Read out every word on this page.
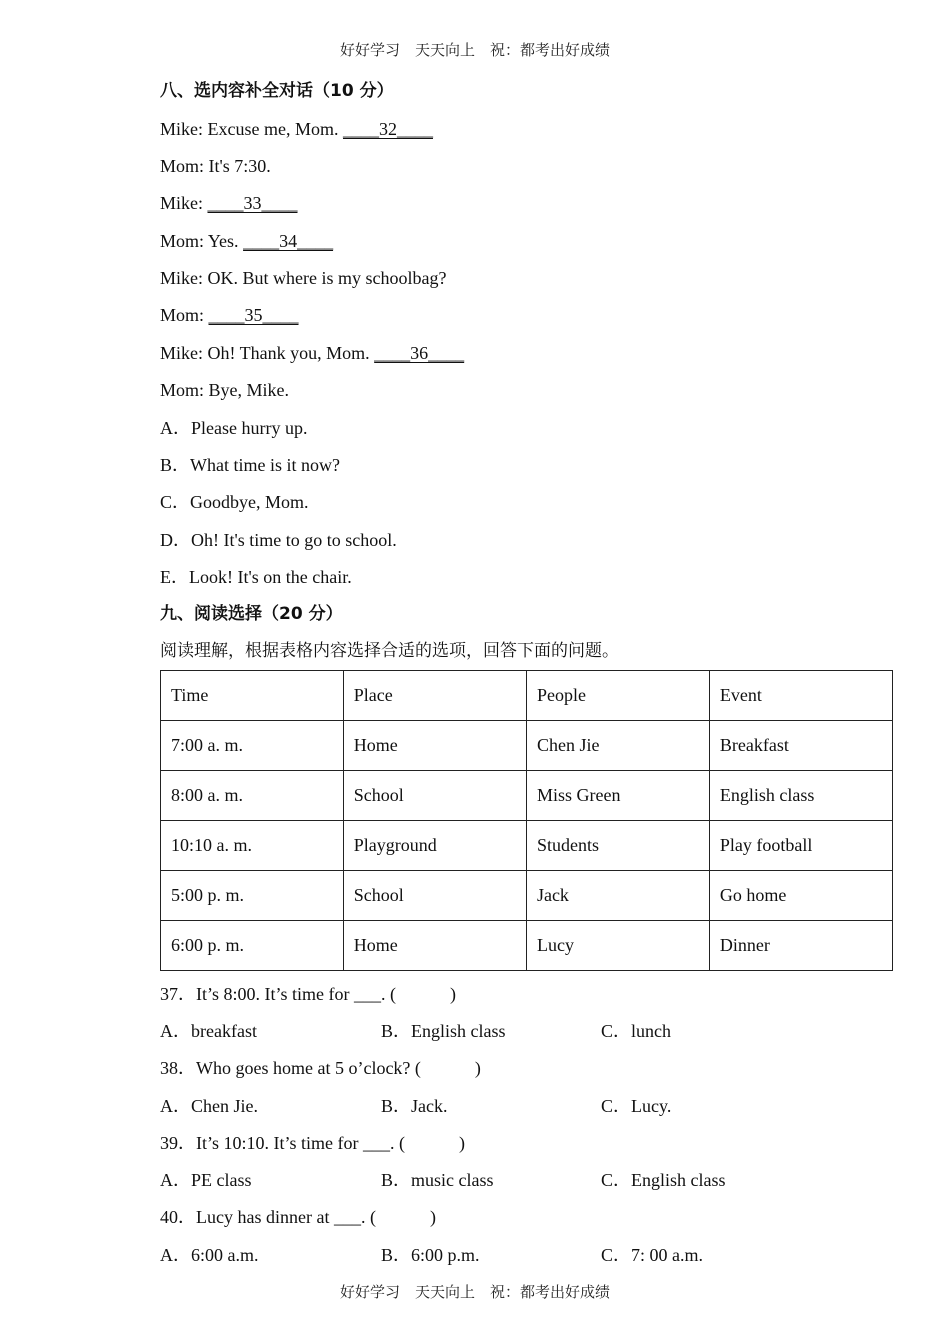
好好学习　天天向上　祝：都考出好成绩
八、选内容补全对话（10 分）
Mike: Excuse me, Mom. ____32____
Mom: It's 7:30.
Mike: ____33____
Mom: Yes. ____34____
Mike: OK. But where is my schoolbag?
Mom: ____35____
Mike: Oh! Thank you, Mom. ____36____
Mom: Bye, Mike.
A．Please hurry up.
B．What time is it now?
C．Goodbye, Mom.
D．Oh! It's time to go to school.
E．Look! It's on the chair.
九、阅读选择（20 分）
阅读理解，根据表格内容选择合适的选项，回答下面的问题。
Time	Place	People	Event
7:00 a. m.	Home	Chen Jie	Breakfast
8:00 a. m.	School	Miss Green	English class
10:10 a. m.	Playground	Students	Play football
5:00 p. m.	School	Jack	Go home
6:00 p. m.	Home	Lucy	Dinner
37．It’s 8:00. It’s time for ___. (　　　)
A．breakfast	B．English class	C．lunch
38．Who goes home at 5 o’clock? (　　　)
A．Chen Jie.	B．Jack.	C．Lucy.
39．It’s 10:10. It’s time for ___. (　　　)
A．PE class	B．music class	C．English class
40．Lucy has dinner at ___. (　　　)
A．6:00 a.m.	B．6:00 p.m.	C．7: 00 a.m.
好好学习　天天向上　祝：都考出好成绩
